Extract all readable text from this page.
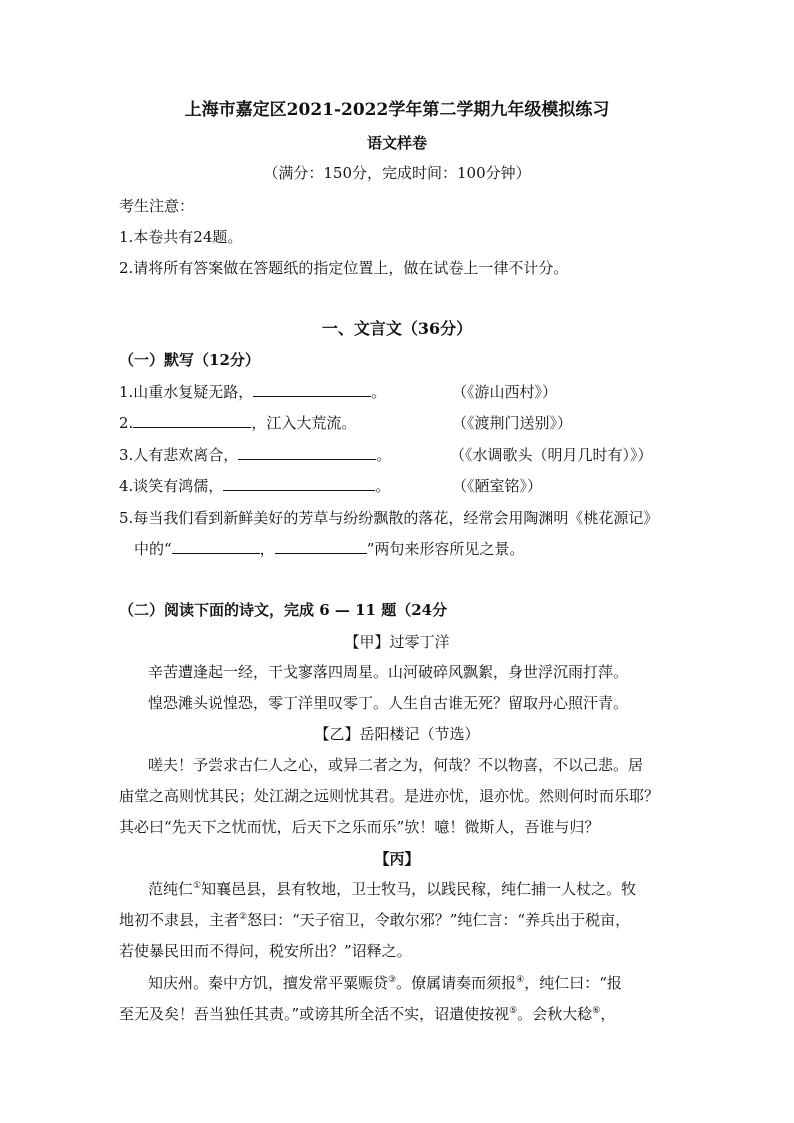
上海市嘉定区2021-2022学年第二学期九年级模拟练习
语文样卷
（满分：150分，完成时间：100分钟）
考生注意：
1.本卷共有24题。
2.请将所有答案做在答题纸的指定位置上，做在试卷上一律不计分。
一、文言文（36分）
（一）默写（12分）
1.山重水复疑无路，	。	（《游山西村》）
2.	，江入大荒流。	（《渡荆门送别》）
3.人有悲欢离合，	。	（《水调歌头（明月几时有）》）
4.谈笑有鸿儒，	。	（《陋室铭》）
5.每当我们看到新鲜美好的芳草与纷纷飘散的落花，经常会用陶渊明《桃花源记》
中的“	，	”两句来形容所见之景。
（二）阅读下面的诗文，完成 6 — 11 题（24分
【甲】过零丁洋
辛苦遭逢起一经，干戈寥落四周星。山河破碎风飘絮，身世浮沉雨打萍。
惶恐滩头说惶恐，零丁洋里叹零丁。人生自古谁无死？留取丹心照汗青。
【乙】岳阳楼记（节选）
嗟夫！予尝求古仁人之心，或异二者之为，何哉？不以物喜，不以己悲。居
庙堂之高则忧其民；处江湖之远则忧其君。是进亦忧，退亦忧。然则何时而乐耶？
其必曰“先天下之忧而忧，后天下之乐而乐”欤！噫！微斯人，吾谁与归？
【丙】
范纯仁①知襄邑县，县有牧地，卫士牧马，以践民稼，纯仁捕一人杖之。牧
地初不隶县，主者②怒曰：“天子宿卫，令敢尔邪？”纯仁言：“养兵出于税亩，
若使暴民田而不得问，税安所出？”诏释之。
知庆州。秦中方饥，擅发常平粟赈贷③。僚属请奏而须报④，纯仁曰：“报
至无及矣！吾当独任其责。”或谤其所全活不实，诏遣使按视⑤。会秋大稔⑥，
